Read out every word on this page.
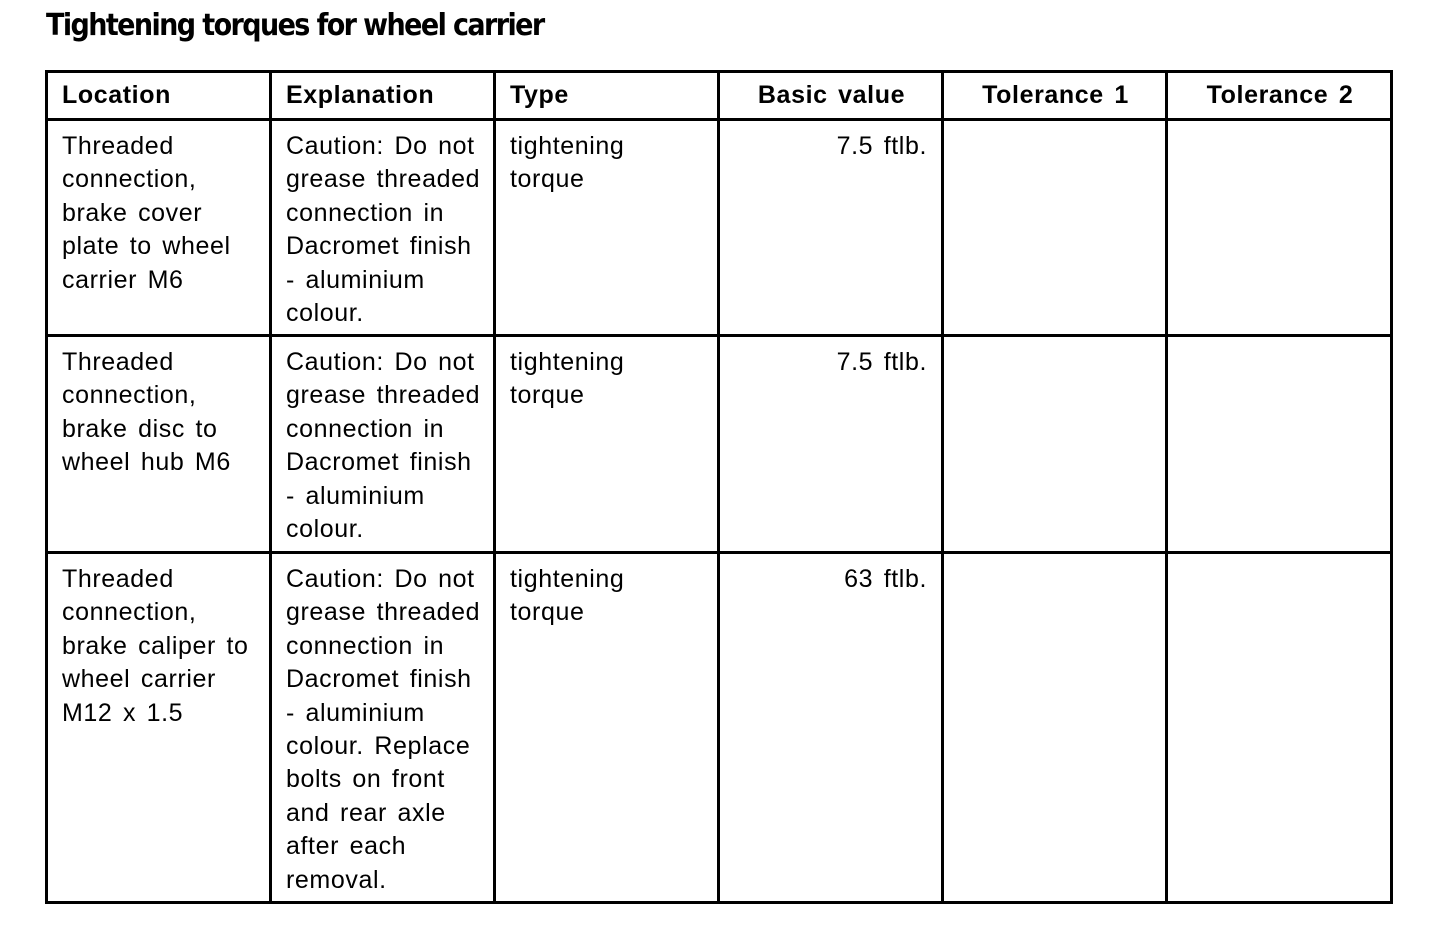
Tightening torques for wheel carrier
Location	Explanation	Type	Basic value	Tolerance 1	Tolerance 2
Threaded connection, brake cover plate to wheel carrier M6	Caution: Do not grease threaded connection in Dacromet finish - aluminium colour.	tightening torque	7.5 ftlb.		
Threaded connection, brake disc to wheel hub M6	Caution: Do not grease threaded connection in Dacromet finish - aluminium colour.	tightening torque	7.5 ftlb.		
Threaded connection, brake caliper to wheel carrier M12 x 1.5	Caution: Do not grease threaded connection in Dacromet finish - aluminium colour. Replace bolts on front and rear axle after each removal.	tightening torque	63 ftlb.		
